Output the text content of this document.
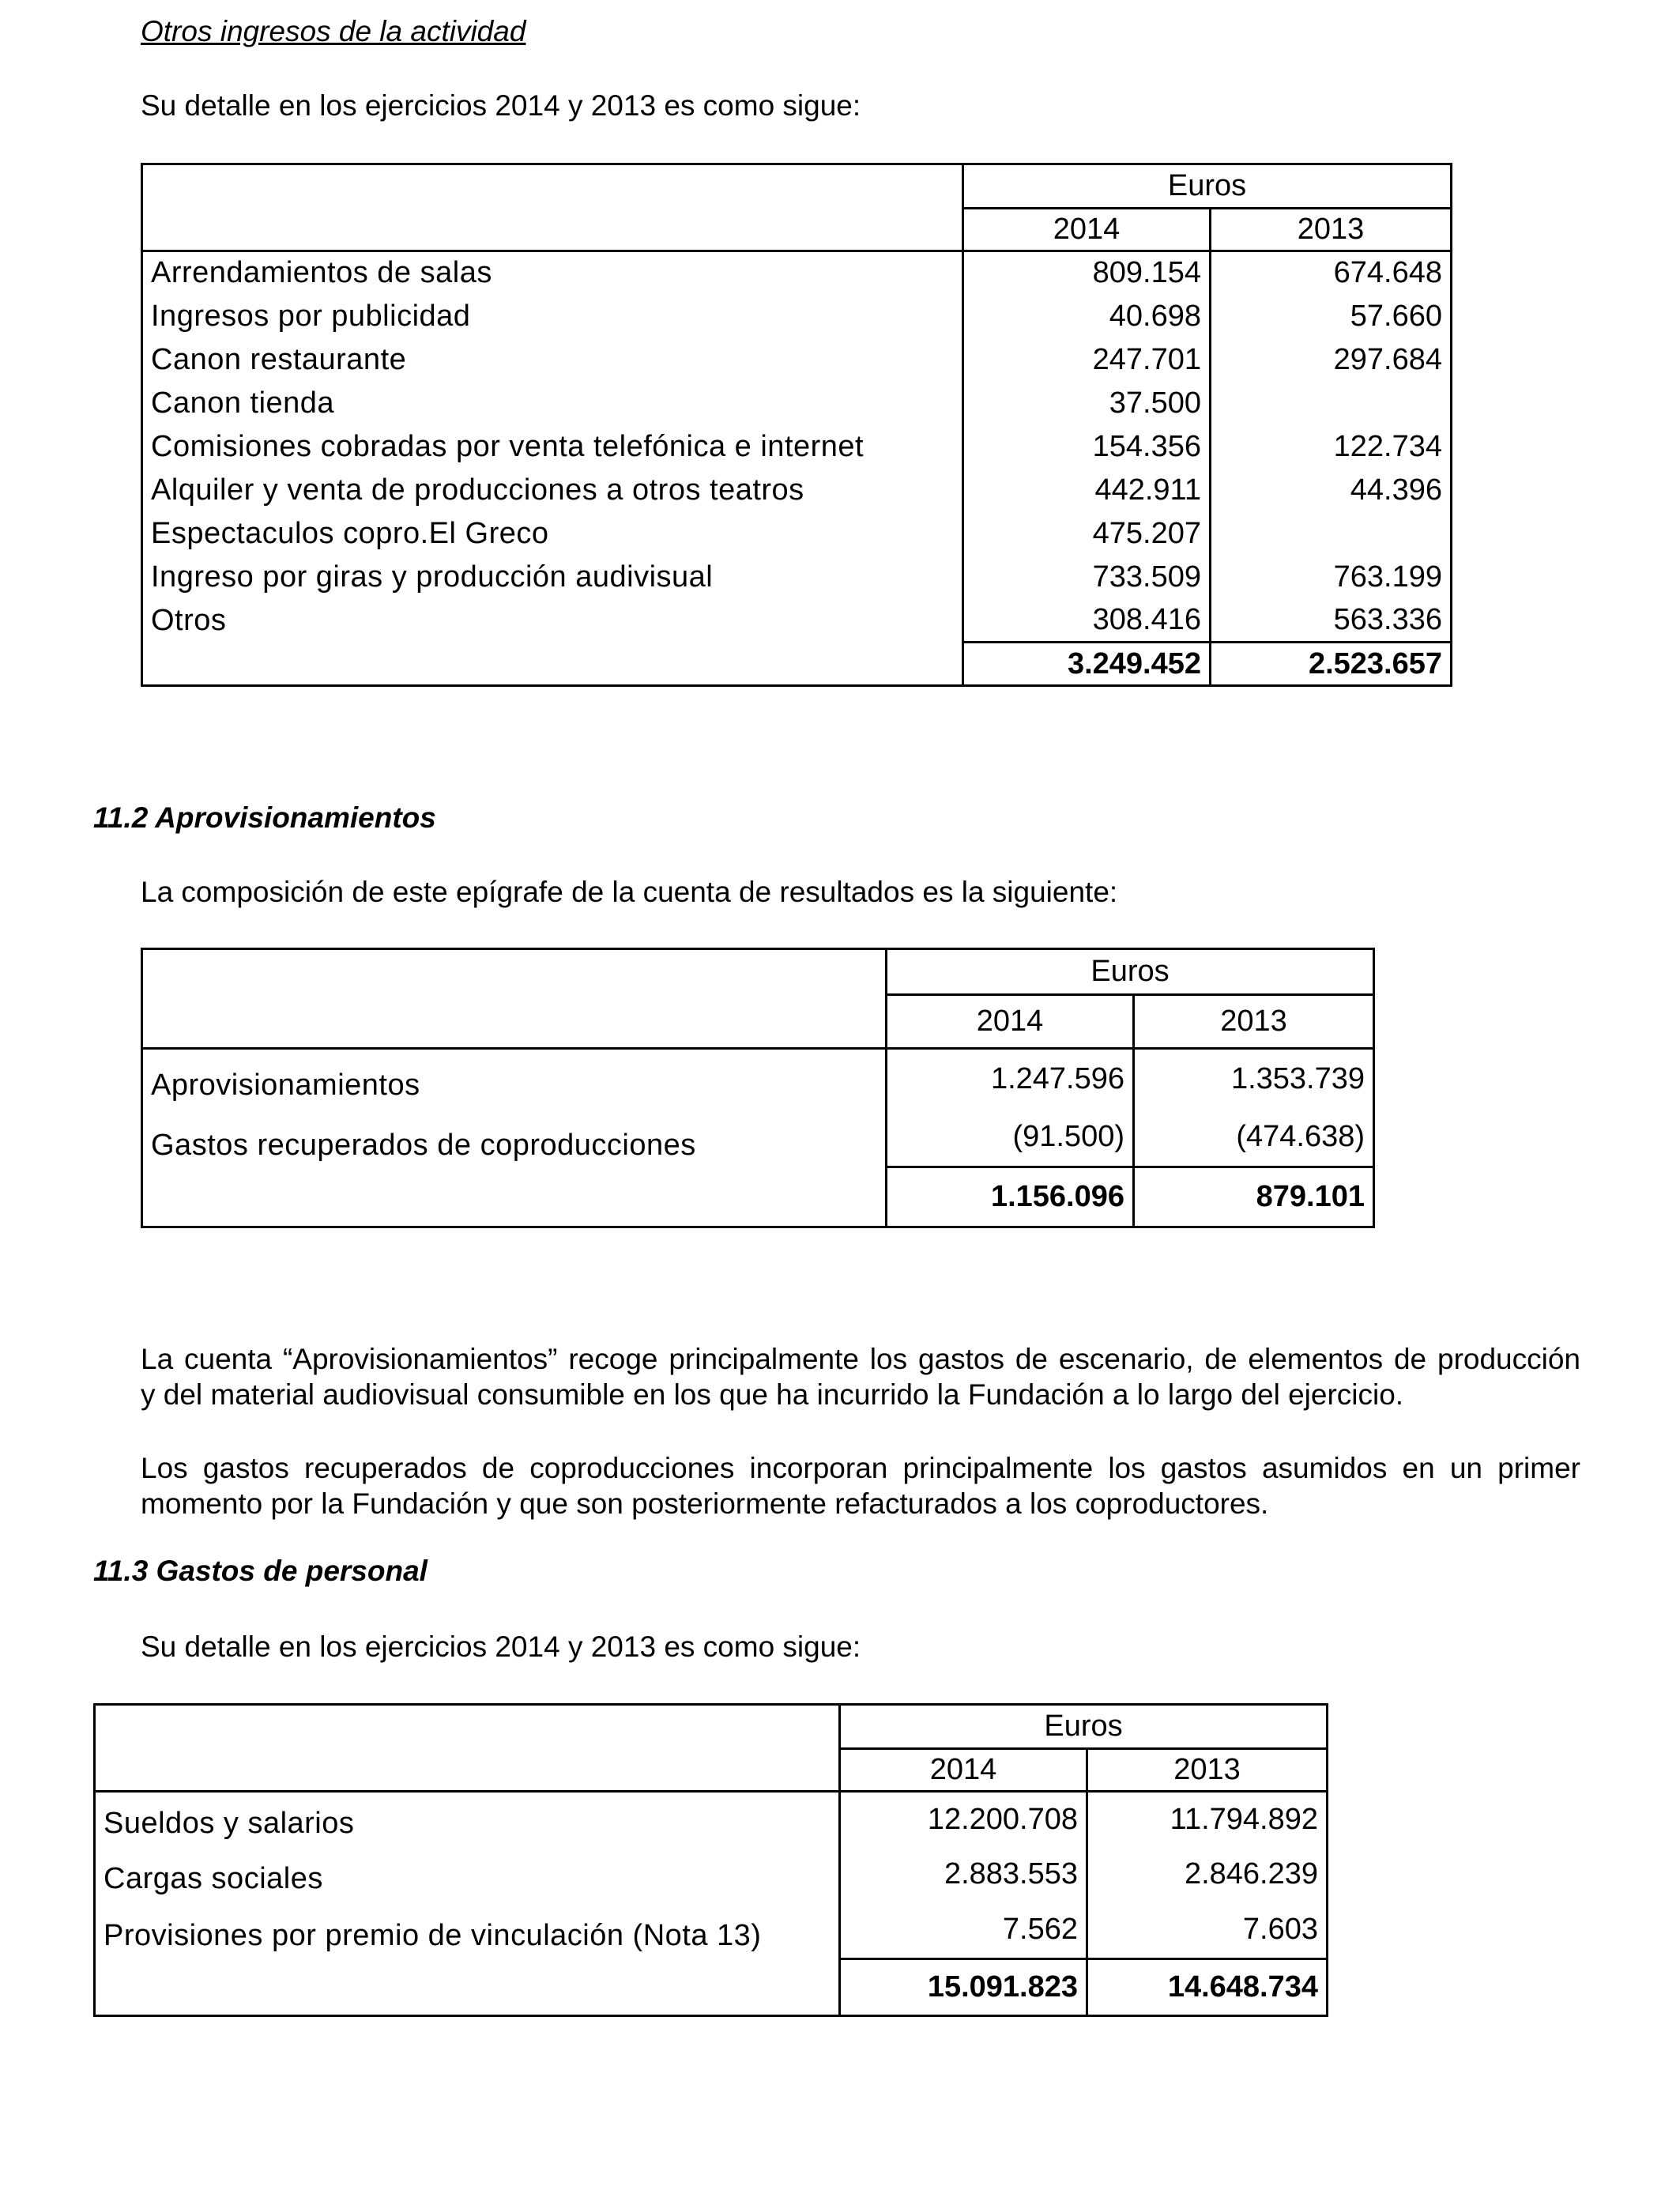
Otros ingresos de la actividad
Su detalle en los ejercicios 2014 y 2013 es como sigue:
	Euros	
	2014	2013
Arrendamientos de salas	809.154	674.648
Ingresos por publicidad	40.698	57.660
Canon restaurante	247.701	297.684
Canon tienda	37.500	
Comisiones cobradas por venta telefónica e internet	154.356	122.734
Alquiler y venta de producciones a otros teatros	442.911	44.396
Espectaculos copro.El Greco	475.207	
Ingreso por giras y producción audivisual	733.509	763.199
Otros	308.416	563.336
	3.249.452	2.523.657
11.2 Aprovisionamientos
La composición de este epígrafe de la cuenta de resultados es la siguiente:
	Euros	
	2014	2013
Aprovisionamientos	1.247.596	1.353.739
Gastos recuperados de coproducciones	(91.500)	(474.638)
	1.156.096	879.101
La cuenta “Aprovisionamientos” recoge principalmente los gastos de escenario, de elementos de producción
y del material audiovisual consumible en los que ha incurrido la Fundación a lo largo del ejercicio.
Los gastos recuperados de coproducciones incorporan principalmente los gastos asumidos en un primer
momento por la Fundación y que son posteriormente refacturados a los coproductores.
11.3 Gastos de personal
Su detalle en los ejercicios 2014 y 2013 es como sigue:
	Euros	
	2014	2013
Sueldos y salarios	12.200.708	11.794.892
Cargas sociales	2.883.553	2.846.239
Provisiones por premio de vinculación (Nota 13)	7.562	7.603
	15.091.823	14.648.734
